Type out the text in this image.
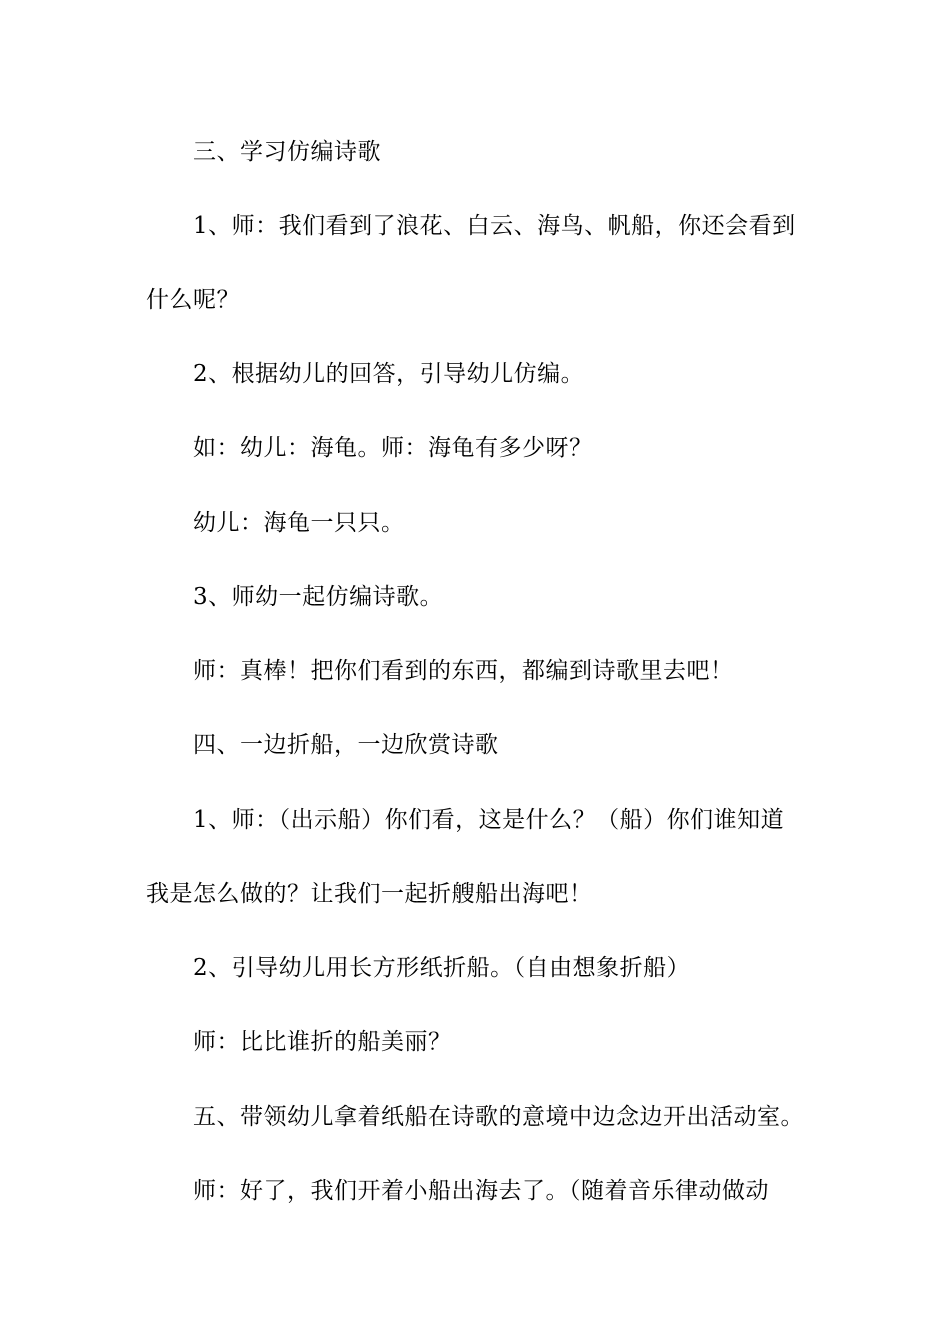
三、学习仿编诗歌
1、师：我们看到了浪花、白云、海鸟、帆船，你还会看到
什么呢？
2、根据幼儿的回答，引导幼儿仿编。
如：幼儿：海龟。师：海龟有多少呀？
幼儿：海龟一只只。
3、师幼一起仿编诗歌。
师：真棒！把你们看到的东西，都编到诗歌里去吧！
四、一边折船，一边欣赏诗歌
1、师：（出示船）你们看，这是什么？（船）你们谁知道
我是怎么做的？让我们一起折艘船出海吧！
2、引导幼儿用长方形纸折船。（自由想象折船）
师：比比谁折的船美丽？
五、带领幼儿拿着纸船在诗歌的意境中边念边开出活动室。
师：好了，我们开着小船出海去了。（随着音乐律动做动
